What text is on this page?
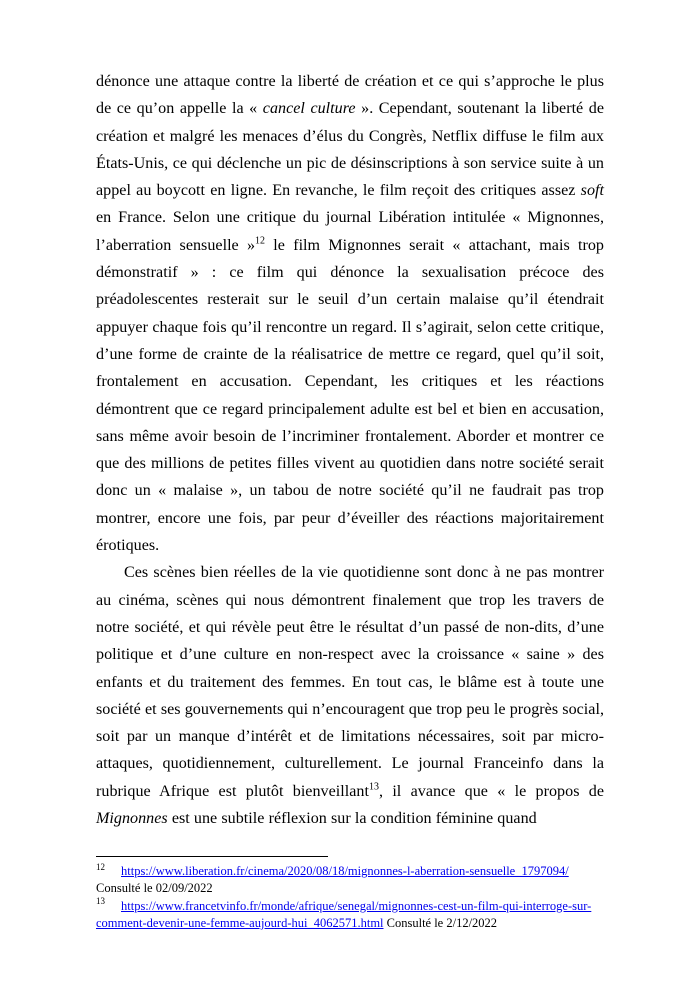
dénonce une attaque contre la liberté de création et ce qui s’approche le plus de ce qu’on appelle la « cancel culture ». Cependant, soutenant la liberté de création et malgré les menaces d’élus du Congrès, Netflix diffuse le film aux États-Unis, ce qui déclenche un pic de désinscriptions à son service suite à un appel au boycott en ligne. En revanche, le film reçoit des critiques assez soft en France. Selon une critique du journal Libération intitulée « Mignonnes, l’aberration sensuelle »$^{12}$ le film Mignonnes serait « attachant, mais trop démonstratif » : ce film qui dénonce la sexualisation précoce des préadolescentes resterait sur le seuil d’un certain malaise qu’il étendrait appuyer chaque fois qu’il rencontre un regard. Il s’agirait, selon cette critique, d’une forme de crainte de la réalisatrice de mettre ce regard, quel qu’il soit, frontalement en accusation. Cependant, les critiques et les réactions démontrent que ce regard principalement adulte est bel et bien en accusation, sans même avoir besoin de l’incriminer frontalement. Aborder et montrer ce que des millions de petites filles vivent au quotidien dans notre société serait donc un « malaise », un tabou de notre société qu’il ne faudrait pas trop montrer, encore une fois, par peur d’éveiller des réactions majoritairement érotiques.

Ces scènes bien réelles de la vie quotidienne sont donc à ne pas montrer au cinéma, scènes qui nous démontrent finalement que trop les travers de notre société, et qui révèle peut être le résultat d’un passé de non-dits, d’une politique et d’une culture en non-respect avec la croissance « saine » des enfants et du traitement des femmes. En tout cas, le blâme est à toute une société et ses gouvernements qui n’encouragent que trop peu le progrès social, soit par un manque d’intérêt et de limitations nécessaires, soit par micro-attaques, quotidiennement, culturellement. Le journal Franceinfo dans la rubrique Afrique est plutôt bienveillant$^{13}$, il avance que « le propos de Mignonnes est une subtile réflexion sur la condition féminine quand

$^{12}$ https://www.liberation.fr/cinema/2020/08/18/mignonnes-l-aberration-sensuelle_1797094/
Consulté le 02/09/2022

$^{13}$ https://www.francetvinfo.fr/monde/afrique/senegal/mignonnes-cest-un-film-qui-interroge-sur-comment-devenir-une-femme-aujourd-hui_4062571.html Consulté le 2/12/2022
